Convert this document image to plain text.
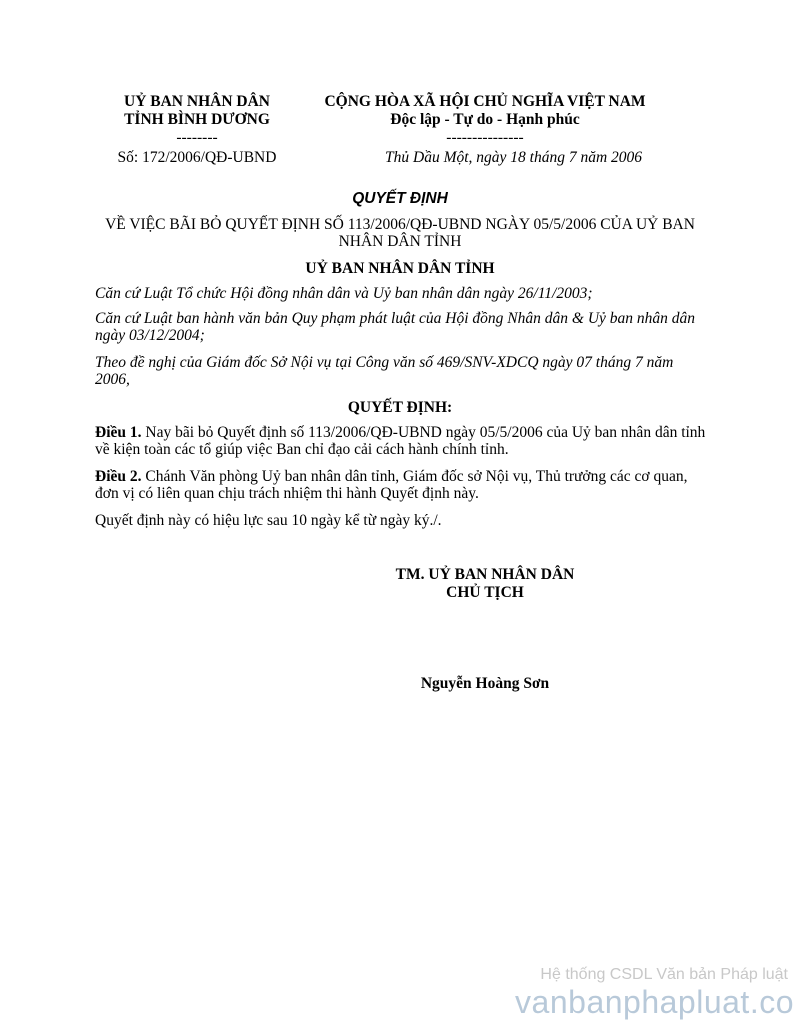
UỶ BAN NHÂN DÂN
TỈNH BÌNH DƯƠNG
--------
CỘNG HÒA XÃ HỘI CHỦ NGHĨA VIỆT NAM
Độc lập - Tự do - Hạnh phúc
---------------
Số: 172/2006/QĐ-UBND	Thủ Dầu Một, ngày 18 tháng 7 năm 2006
QUYẾT ĐỊNH
VỀ VIỆC BÃI BỎ QUYẾT ĐỊNH SỐ 113/2006/QĐ-UBND NGÀY 05/5/2006 CỦA UỶ BAN NHÂN DÂN TỈNH
UỶ BAN NHÂN DÂN TỈNH
Căn cứ Luật Tổ chức Hội đồng nhân dân và Uỷ ban nhân dân ngày 26/11/2003;
Căn cứ Luật ban hành văn bản Quy phạm phát luật của Hội đồng Nhân dân & Uỷ ban nhân dân ngày 03/12/2004;
Theo đề nghị của Giám đốc Sở Nội vụ tại Công văn số 469/SNV-XDCQ ngày 07 tháng 7 năm 2006,
QUYẾT ĐỊNH:
Điều 1. Nay bãi bỏ Quyết định số 113/2006/QĐ-UBND ngày 05/5/2006 của Uỷ ban nhân dân tỉnh về kiện toàn các tổ giúp việc Ban chỉ đạo cải cách hành chính tỉnh.
Điều 2. Chánh Văn phòng Uỷ ban nhân dân tỉnh, Giám đốc sở Nội vụ, Thủ trưởng các cơ quan, đơn vị có liên quan chịu trách nhiệm thi hành Quyết định này.
Quyết định này có hiệu lực sau 10 ngày kể từ ngày ký./.
TM. UỶ BAN NHÂN DÂN
CHỦ TỊCH
Nguyễn Hoàng Sơn
Hệ thống CSDL Văn bản Pháp luật
vanbanphapluat.co
